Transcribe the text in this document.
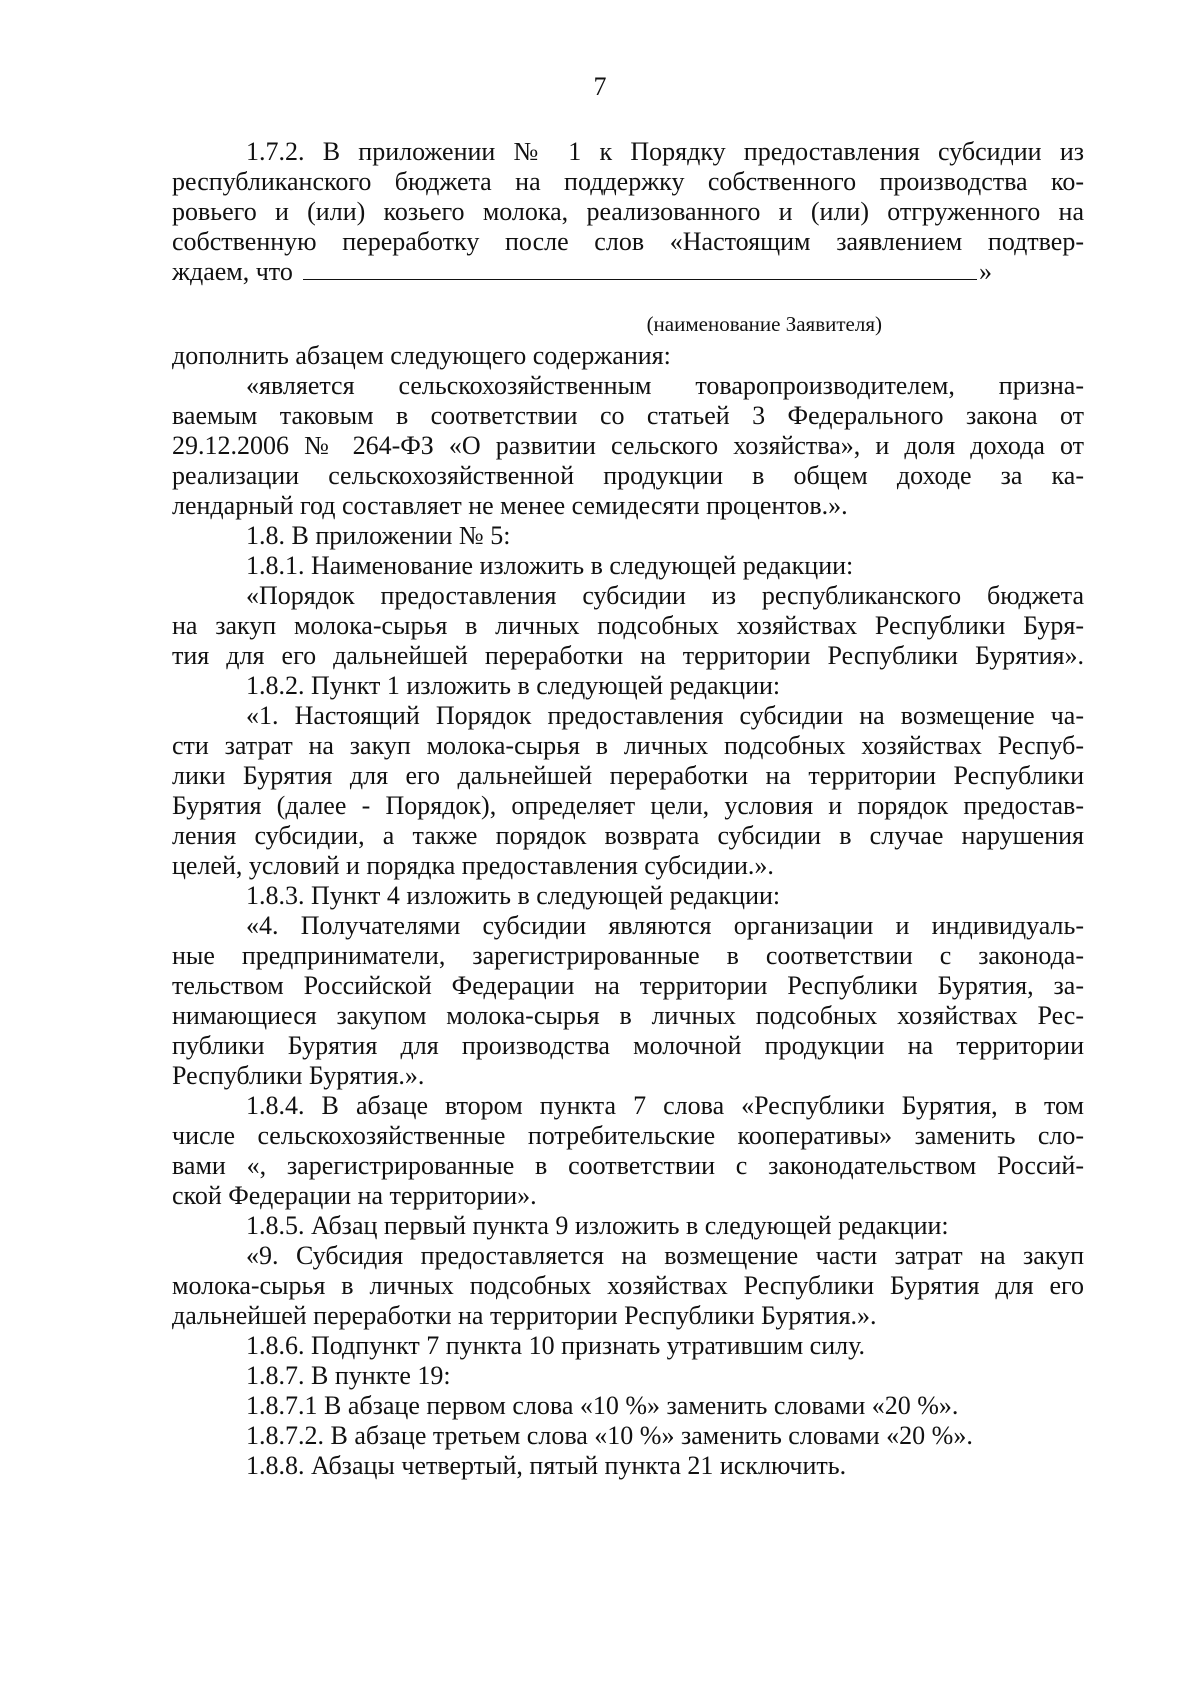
7
1.7.2. В приложении № 1 к Порядку предоставления субсидии из
республиканского бюджета на поддержку собственного производства ко-
ровьего и (или) козьего молока, реализованного и (или) отгруженного на
собственную переработку после слов «Настоящим заявлением подтвер-
ждаем, что	»
(наименование Заявителя)
дополнить абзацем следующего содержания:
«является сельскохозяйственным товаропроизводителем, призна-
ваемым таковым в соответствии со статьей 3 Федерального закона от
29.12.2006 № 264-ФЗ «О развитии сельского хозяйства», и доля дохода от
реализации сельскохозяйственной продукции в общем доходе за ка-
лендарный год составляет не менее семидесяти процентов.».
1.8. В приложении № 5:
1.8.1. Наименование изложить в следующей редакции:
«Порядок предоставления субсидии из республиканского бюджета
на закуп молока-сырья в личных подсобных хозяйствах Республики Буря-
тия для его дальнейшей переработки на территории Республики Бурятия».
1.8.2. Пункт 1 изложить в следующей редакции:
«1. Настоящий Порядок предоставления субсидии на возмещение ча-
сти затрат на закуп молока-сырья в личных подсобных хозяйствах Респуб-
лики Бурятия для его дальнейшей переработки на территории Республики
Бурятия (далее - Порядок), определяет цели, условия и порядок предостав-
ления субсидии, а также порядок возврата субсидии в случае нарушения
целей, условий и порядка предоставления субсидии.».
1.8.3. Пункт 4 изложить в следующей редакции:
«4. Получателями субсидии являются организации и индивидуаль-
ные предприниматели, зарегистрированные в соответствии с законода-
тельством Российской Федерации на территории Республики Бурятия, за-
нимающиеся закупом молока-сырья в личных подсобных хозяйствах Рес-
публики Бурятия для производства молочной продукции на территории
Республики Бурятия.».
1.8.4. В абзаце втором пункта 7 слова «Республики Бурятия, в том
числе сельскохозяйственные потребительские кооперативы» заменить сло-
вами «, зарегистрированные в соответствии с законодательством Россий-
ской Федерации на территории».
1.8.5. Абзац первый пункта 9 изложить в следующей редакции:
«9. Субсидия предоставляется на возмещение части затрат на закуп
молока-сырья в личных подсобных хозяйствах Республики Бурятия для его
дальнейшей переработки на территории Республики Бурятия.».
1.8.6. Подпункт 7 пункта 10 признать утратившим силу.
1.8.7. В пункте 19:
1.8.7.1 В абзаце первом слова «10 %» заменить словами «20 %».
1.8.7.2. В абзаце третьем слова «10 %» заменить словами «20 %».
1.8.8. Абзацы четвертый, пятый пункта 21 исключить.
